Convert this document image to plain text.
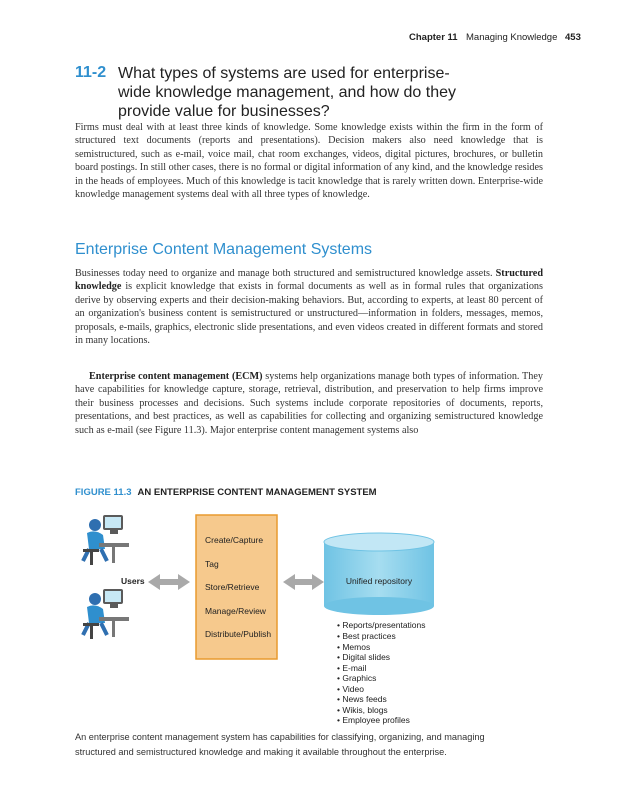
Chapter 11 Managing Knowledge 453
11-2 What types of systems are used for enterprise-wide knowledge management, and how do they provide value for businesses?

Firms must deal with at least three kinds of knowledge. Some knowledge exists within the firm in the form of structured text documents (reports and presentations). Decision makers also need knowledge that is semistructured, such as e-mail, voice mail, chat room exchanges, videos, digital pictures, brochures, or bulletin board postings. In still other cases, there is no formal or digital information of any kind, and the knowledge resides in the heads of employees. Much of this knowledge is tacit knowledge that is rarely written down. Enterprise-wide knowledge management systems deal with all three types of knowledge.

Enterprise Content Management Systems

Businesses today need to organize and manage both structured and semistructured knowledge assets. Structured knowledge is explicit knowledge that exists in formal documents as well as in formal rules that organizations derive by observing experts and their decision-making behaviors. But, according to experts, at least 80 percent of an organization's business content is semistructured or unstructured—information in folders, messages, memos, proposals, e-mails, graphics, electronic slide presentations, and even videos created in different formats and stored in many locations.

Enterprise content management (ECM) systems help organizations manage both types of information. They have capabilities for knowledge capture, storage, retrieval, distribution, and preservation to help firms improve their business processes and decisions. Such systems include corporate repositories of documents, reports, presentations, and best practices, as well as capabilities for collecting and organizing semistructured knowledge such as e-mail (see Figure 11.3). Major enterprise content management systems also

FIGURE 11.3 AN ENTERPRISE CONTENT MANAGEMENT SYSTEM
Users
Create/Capture
Tag
Store/Retrieve
Manage/Review
Distribute/Publish
Unified repository
• Reports/presentations
• Best practices
• Memos
• Digital slides
• E-mail
• Graphics
• Video
• News feeds
• Wikis, blogs
• Employee profiles
An enterprise content management system has capabilities for classifying, organizing, and managing structured and semistructured knowledge and making it available throughout the enterprise.
